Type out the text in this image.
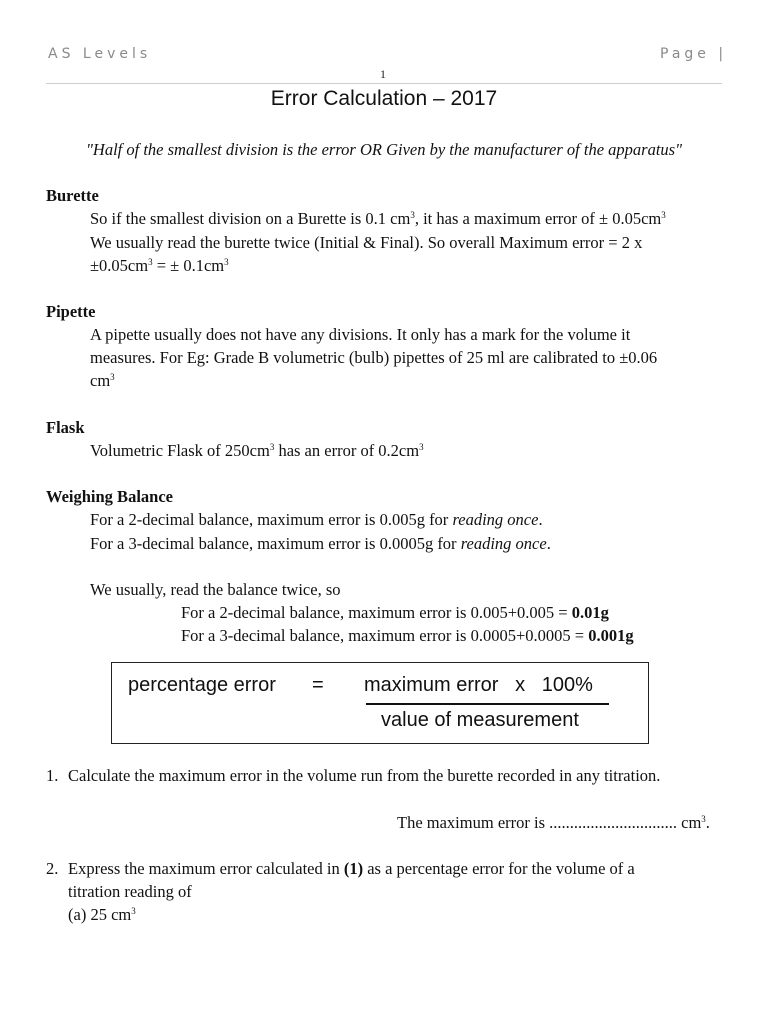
AS Levels	Page |
1
Error Calculation – 2017
"Half of the smallest division is the error OR Given by the manufacturer of the apparatus"
Burette
So if the smallest division on a Burette is 0.1 $cm^3$, it has a maximum error of ± $0.05cm^3$
We usually read the burette twice (Initial & Final). So overall Maximum error = 2 x
$\pm 0.05cm^3$ = ± $0.1cm^3$
Pipette
A pipette usually does not have any divisions. It only has a mark for the volume it
measures. For Eg: Grade B volumetric (bulb) pipettes of 25 ml are calibrated to ±0.06
$cm^3$
Flask
Volumetric Flask of $250cm^3$ has an error of $0.2cm^3$
Weighing Balance
For a 2-decimal balance, maximum error is 0.005g for reading once.
For a 3-decimal balance, maximum error is 0.0005g for reading once.
We usually, read the balance twice, so
For a 2-decimal balance, maximum error is 0.005+0.005 = 0.01g
For a 3-decimal balance, maximum error is 0.0005+0.0005 = 0.001g
percentage error = maximum error   x   100%
value of measurement
1. Calculate the maximum error in the volume run from the burette recorded in any titration.
The maximum error is ............................... $cm^3$.
2. Express the maximum error calculated in (1) as a percentage error for the volume of a
titration reading of
(a) 25 $cm^3$
